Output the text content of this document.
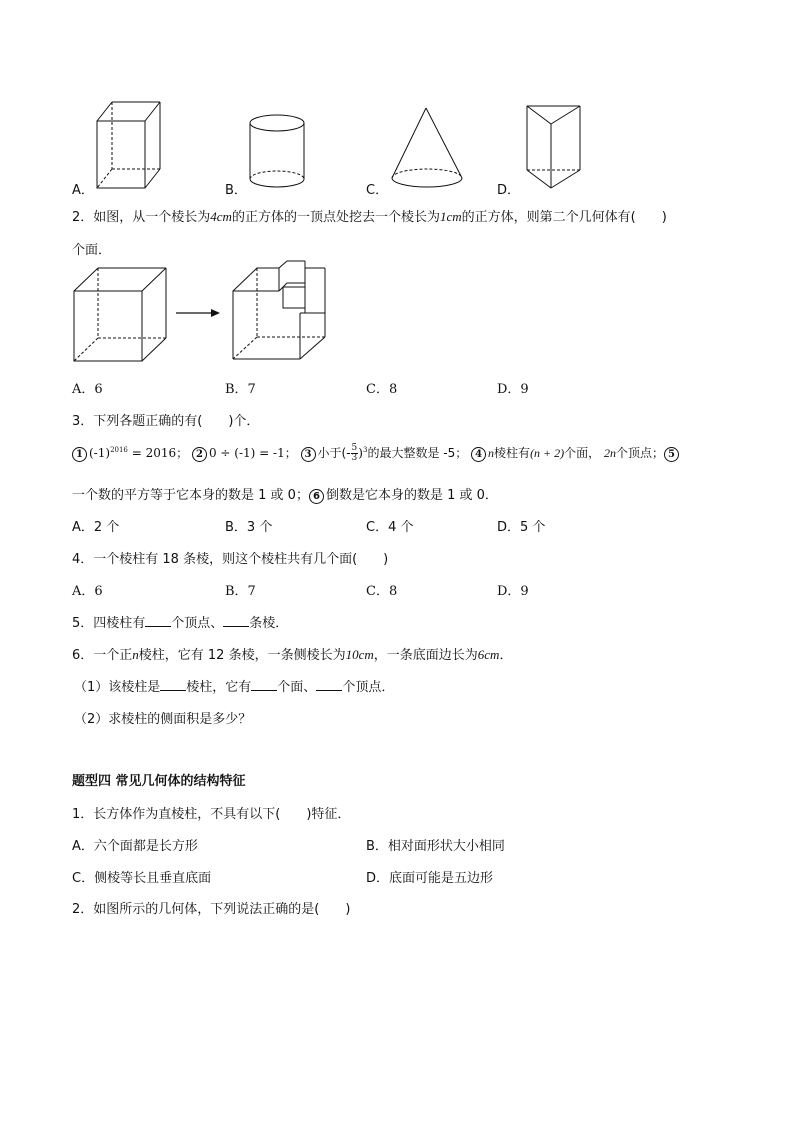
A．	B．	C．	D．
2．如图，从一个棱长为4cm的正方体的一顶点处挖去一个棱长为1cm的正方体，则第二个几何体有(　　)
个面．
A．6	B．7	C．8	D．9
3．下列各题正确的有(　　)个．
1 $(-1)^{2016} = 2016$； 2 0 ÷ (-1) = -1； 3 小于(- $\frac{5}{3} )^3$的最大整数是 -5； 4 n棱柱有(n + 2)个面， 2n个顶点； 5
一个数的平方等于它本身的数是 1 或 0； 6 倒数是它本身的数是 1 或 0．
A．2 个	B．3 个	C．4 个	D．5 个
4．一个棱柱有 18 条棱，则这个棱柱共有几个面(　　)
A．6	B．7	C．8	D．9
5．四棱柱有 个顶点、 条棱．
6．一个正n棱柱，它有 12 条棱，一条侧棱长为10cm，一条底面边长为6cm．
（1）该棱柱是 棱柱，它有 个面、 个顶点．
（2）求棱柱的侧面积是多少？
题型四 常见几何体的结构特征
1．长方体作为直棱柱，不具有以下(　　)特征．
A．六个面都是长方形	B．相对面形状大小相同
C．侧棱等长且垂直底面	D．底面可能是五边形
2．如图所示的几何体，下列说法正确的是(　　)
